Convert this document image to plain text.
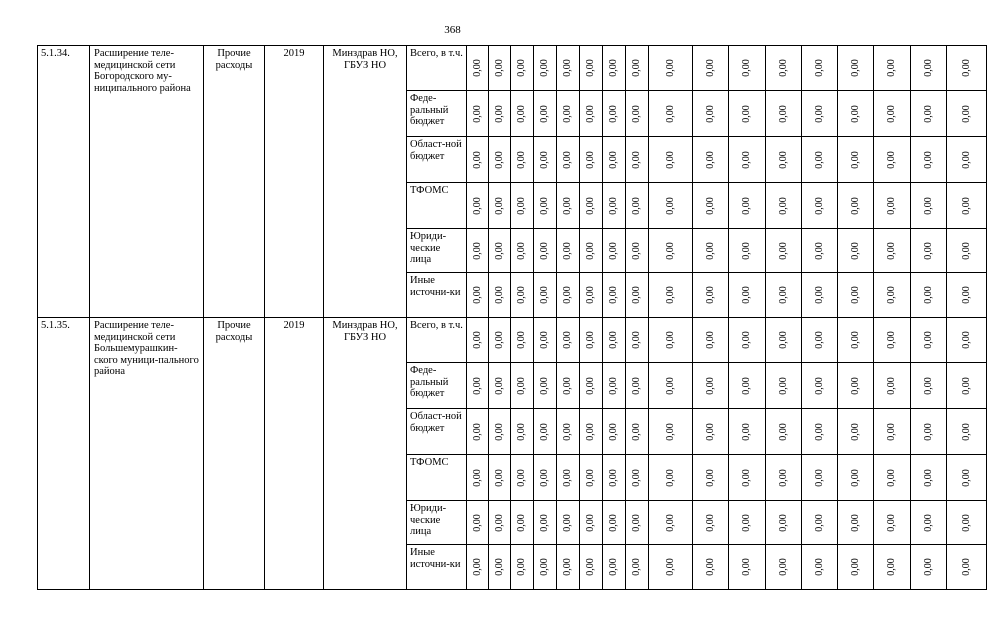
368
5.1.34.	Расширение теле-медицинской сети Богородского му-ниципального района	Прочие расходы	2019	Минздрав НО, ГБУЗ НО	Всего, в т.ч.	0,00	0,00	0,00	0,00	0,00	0,00	0,00	0,00	0,00	0,00	0,00	0,00	0,00	0,00	0,00	0,00	0,00
					Феде-ральный бюджет	0,00	0,00	0,00	0,00	0,00	0,00	0,00	0,00	0,00	0,00	0,00	0,00	0,00	0,00	0,00	0,00	0,00
					Област-ной бюджет	0,00	0,00	0,00	0,00	0,00	0,00	0,00	0,00	0,00	0,00	0,00	0,00	0,00	0,00	0,00	0,00	0,00
					ТФОМС	0,00	0,00	0,00	0,00	0,00	0,00	0,00	0,00	0,00	0,00	0,00	0,00	0,00	0,00	0,00	0,00	0,00
					Юриди-ческие лица	0,00	0,00	0,00	0,00	0,00	0,00	0,00	0,00	0,00	0,00	0,00	0,00	0,00	0,00	0,00	0,00	0,00
					Иные источни-ки	0,00	0,00	0,00	0,00	0,00	0,00	0,00	0,00	0,00	0,00	0,00	0,00	0,00	0,00	0,00	0,00	0,00
5.1.35.	Расширение теле-медицинской сети Большемурашкин-ского муници-пального района	Прочие расходы	2019	Минздрав НО, ГБУЗ НО	Всего, в т.ч.	0,00	0,00	0,00	0,00	0,00	0,00	0,00	0,00	0,00	0,00	0,00	0,00	0,00	0,00	0,00	0,00	0,00
					Феде-ральный бюджет	0,00	0,00	0,00	0,00	0,00	0,00	0,00	0,00	0,00	0,00	0,00	0,00	0,00	0,00	0,00	0,00	0,00
					Област-ной бюджет	0,00	0,00	0,00	0,00	0,00	0,00	0,00	0,00	0,00	0,00	0,00	0,00	0,00	0,00	0,00	0,00	0,00
					ТФОМС	0,00	0,00	0,00	0,00	0,00	0,00	0,00	0,00	0,00	0,00	0,00	0,00	0,00	0,00	0,00	0,00	0,00
					Юриди-ческие лица	0,00	0,00	0,00	0,00	0,00	0,00	0,00	0,00	0,00	0,00	0,00	0,00	0,00	0,00	0,00	0,00	0,00
					Иные источни-ки	0,00	0,00	0,00	0,00	0,00	0,00	0,00	0,00	0,00	0,00	0,00	0,00	0,00	0,00	0,00	0,00	0,00
